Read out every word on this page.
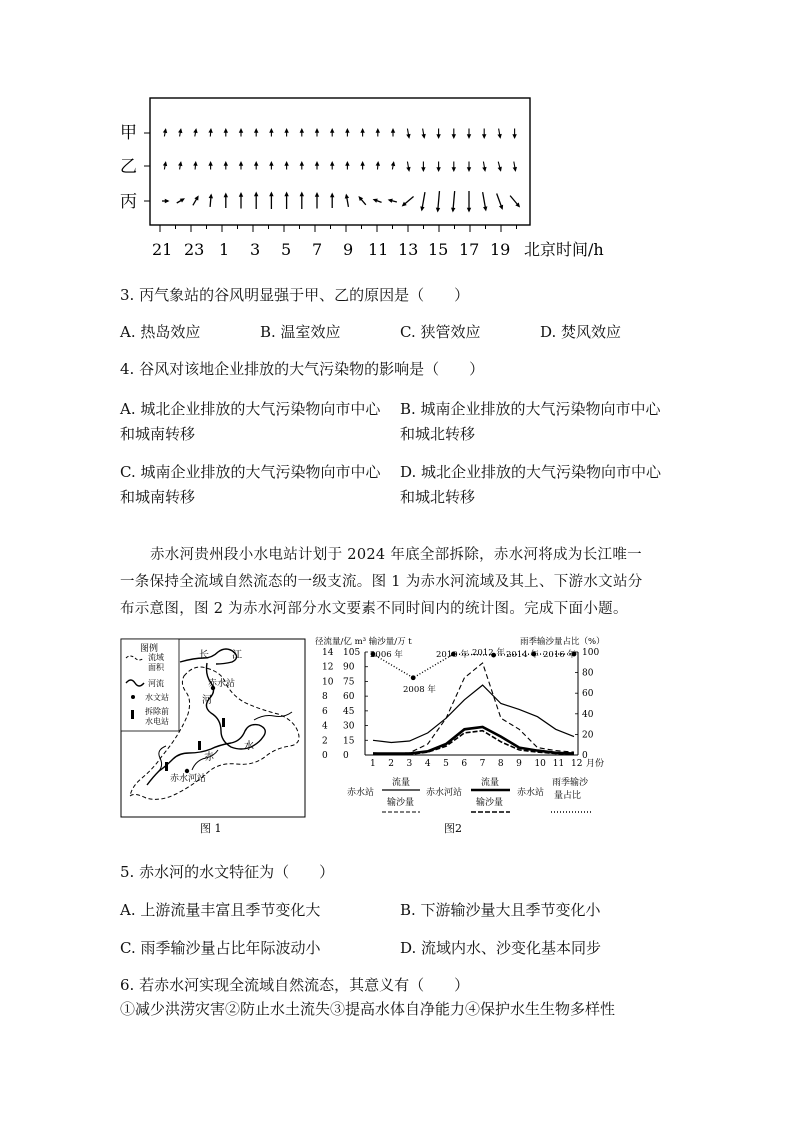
甲
乙
丙
21 23 1 3 5 7 9 11 13 15 17 19 北京时间/h
3. 丙气象站的谷风明显强于甲、乙的原因是（　　）
A. 热岛效应	B. 温室效应	C. 狭管效应	D. 焚风效应
4. 谷风对该地企业排放的大气污染物的影响是（　　）
A. 城北企业排放的大气污染物向市中心
和城南转移
B. 城南企业排放的大气污染物向市中心
和城北转移
C. 城南企业排放的大气污染物向市中心
和城南转移
D. 城北企业排放的大气污染物向市中心
和城北转移
赤水河贵州段小水电站计划于 2024 年底全部拆除，赤水河将成为长江唯一
一条保持全流域自然流态的一级支流。图 1 为赤水河流域及其上、下游水文站分
布示意图，图 2 为赤水河部分水文要素不同时间内的统计图。完成下面小题。
图例
流域
面积
河流
水文站
拆除前
水电站
长 江
河
水
赤
赤水站
赤水河站
图 1
径流量/亿 m³ 输沙量/万 t	雨季输沙量占比（%）
1 2 3 4 5 6 7 8 9 10 11 12
0 0
2 15
4 30
6 45
8 60
10 75
12 90
14 105
0
20
40
60
80
100
2006 年
2008 年
2010 年 2012 年 2014 年 2016 年
月份
赤水站
流量
输沙量
赤水河站
流量
输沙量
赤水站
雨季输沙
量占比
图2
5. 赤水河的水文特征为（　　）
A. 上游流量丰富且季节变化大	B. 下游输沙量大且季节变化小
C. 雨季输沙量占比年际波动小	D. 流域内水、沙变化基本同步
6. 若赤水河实现全流域自然流态，其意义有（　　）
①减少洪涝灾害②防止水土流失③提高水体自净能力④保护水生生物多样性
